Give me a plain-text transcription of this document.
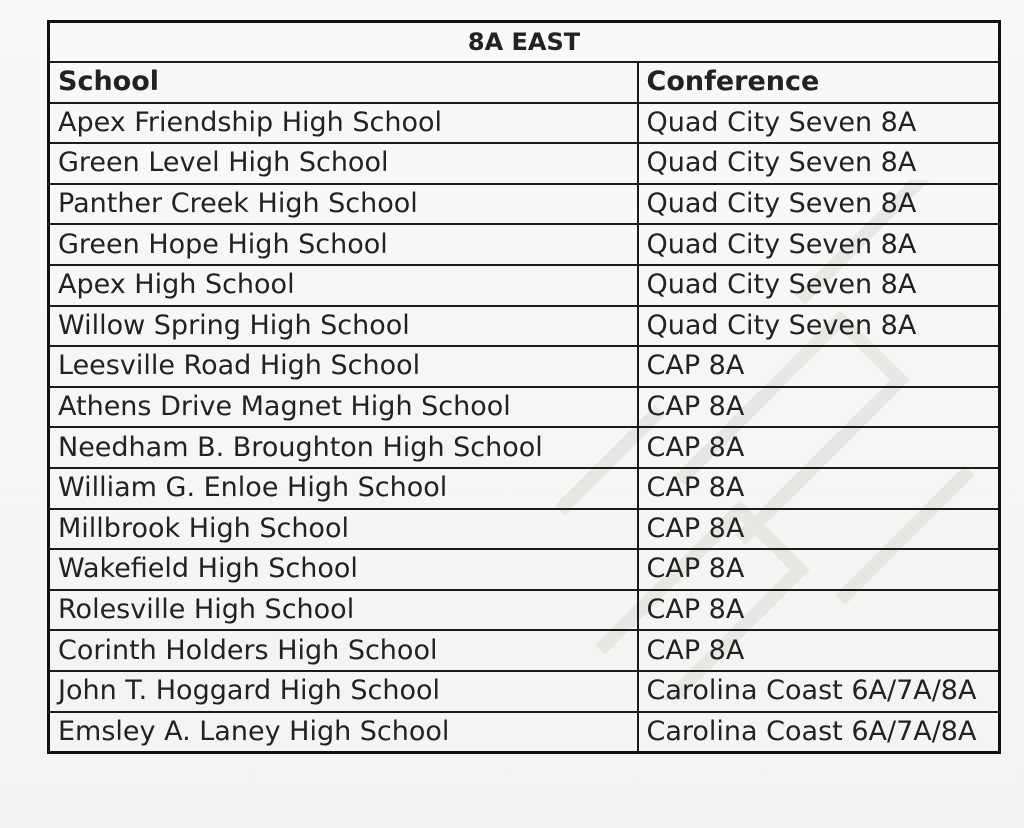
8A EAST	
School	Conference
Apex Friendship High School	Quad City Seven 8A
Green Level High School	Quad City Seven 8A
Panther Creek High School	Quad City Seven 8A
Green Hope High School	Quad City Seven 8A
Apex High School	Quad City Seven 8A
Willow Spring High School	Quad City Seven 8A
Leesville Road High School	CAP 8A
Athens Drive Magnet High School	CAP 8A
Needham B. Broughton High School	CAP 8A
William G. Enloe High School	CAP 8A
Millbrook High School	CAP 8A
Wakefield High School	CAP 8A
Rolesville High School	CAP 8A
Corinth Holders High School	CAP 8A
John T. Hoggard High School	Carolina Coast 6A/7A/8A
Emsley A. Laney High School	Carolina Coast 6A/7A/8A
